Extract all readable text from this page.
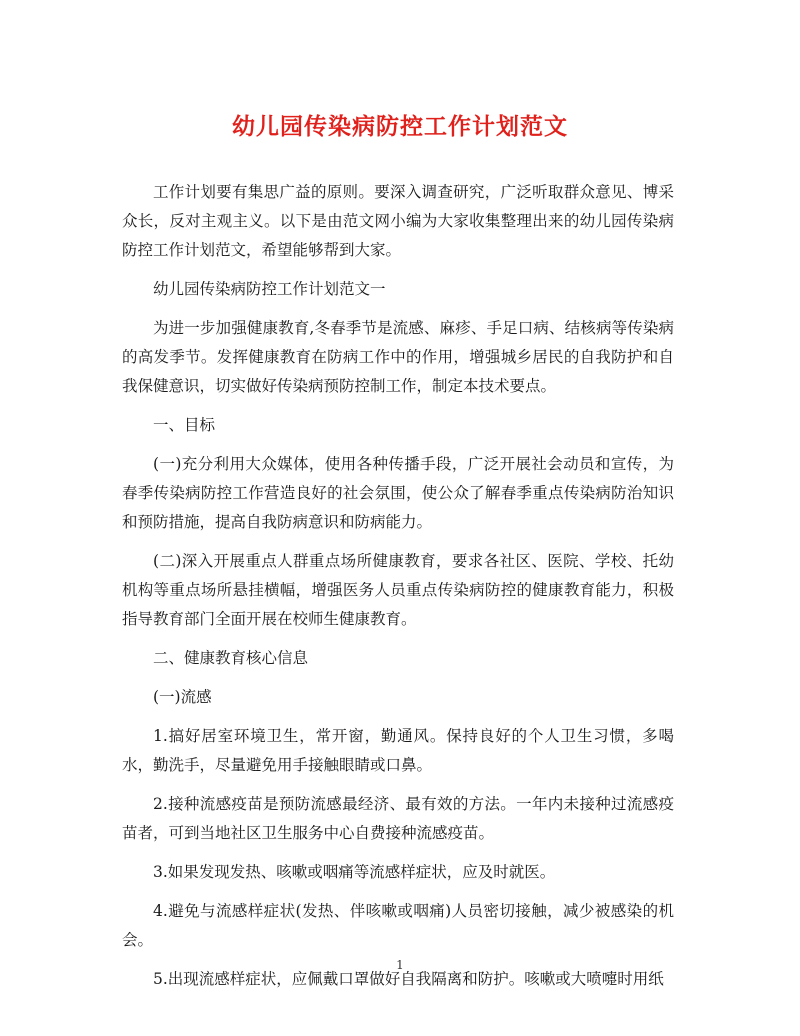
幼儿园传染病防控工作计划范文

工作计划要有集思广益的原则。要深入调查研究，广泛听取群众意见、博采众长，反对主观主义。以下是由范文网小编为大家收集整理出来的幼儿园传染病防控工作计划范文，希望能够帮到大家。

幼儿园传染病防控工作计划范文一

为进一步加强健康教育,冬春季节是流感、麻疹、手足口病、结核病等传染病的高发季节。发挥健康教育在防病工作中的作用，增强城乡居民的自我防护和自我保健意识，切实做好传染病预防控制工作，制定本技术要点。

一、目标

(一)充分利用大众媒体，使用各种传播手段，广泛开展社会动员和宣传，为春季传染病防控工作营造良好的社会氛围，使公众了解春季重点传染病防治知识和预防措施，提高自我防病意识和防病能力。

(二)深入开展重点人群重点场所健康教育，要求各社区、医院、学校、托幼机构等重点场所悬挂横幅，增强医务人员重点传染病防控的健康教育能力，积极指导教育部门全面开展在校师生健康教育。

二、健康教育核心信息

(一)流感

1.搞好居室环境卫生，常开窗，勤通风。保持良好的个人卫生习惯，多喝水，勤洗手，尽量避免用手接触眼睛或口鼻。

2.接种流感疫苗是预防流感最经济、最有效的方法。一年内未接种过流感疫苗者，可到当地社区卫生服务中心自费接种流感疫苗。

3.如果发现发热、咳嗽或咽痛等流感样症状，应及时就医。

4.避免与流感样症状(发热、伴咳嗽或咽痛)人员密切接触，减少被感染的机会。

5.出现流感样症状，应佩戴口罩做好自我隔离和防护。咳嗽或大喷嚏时用纸

1
